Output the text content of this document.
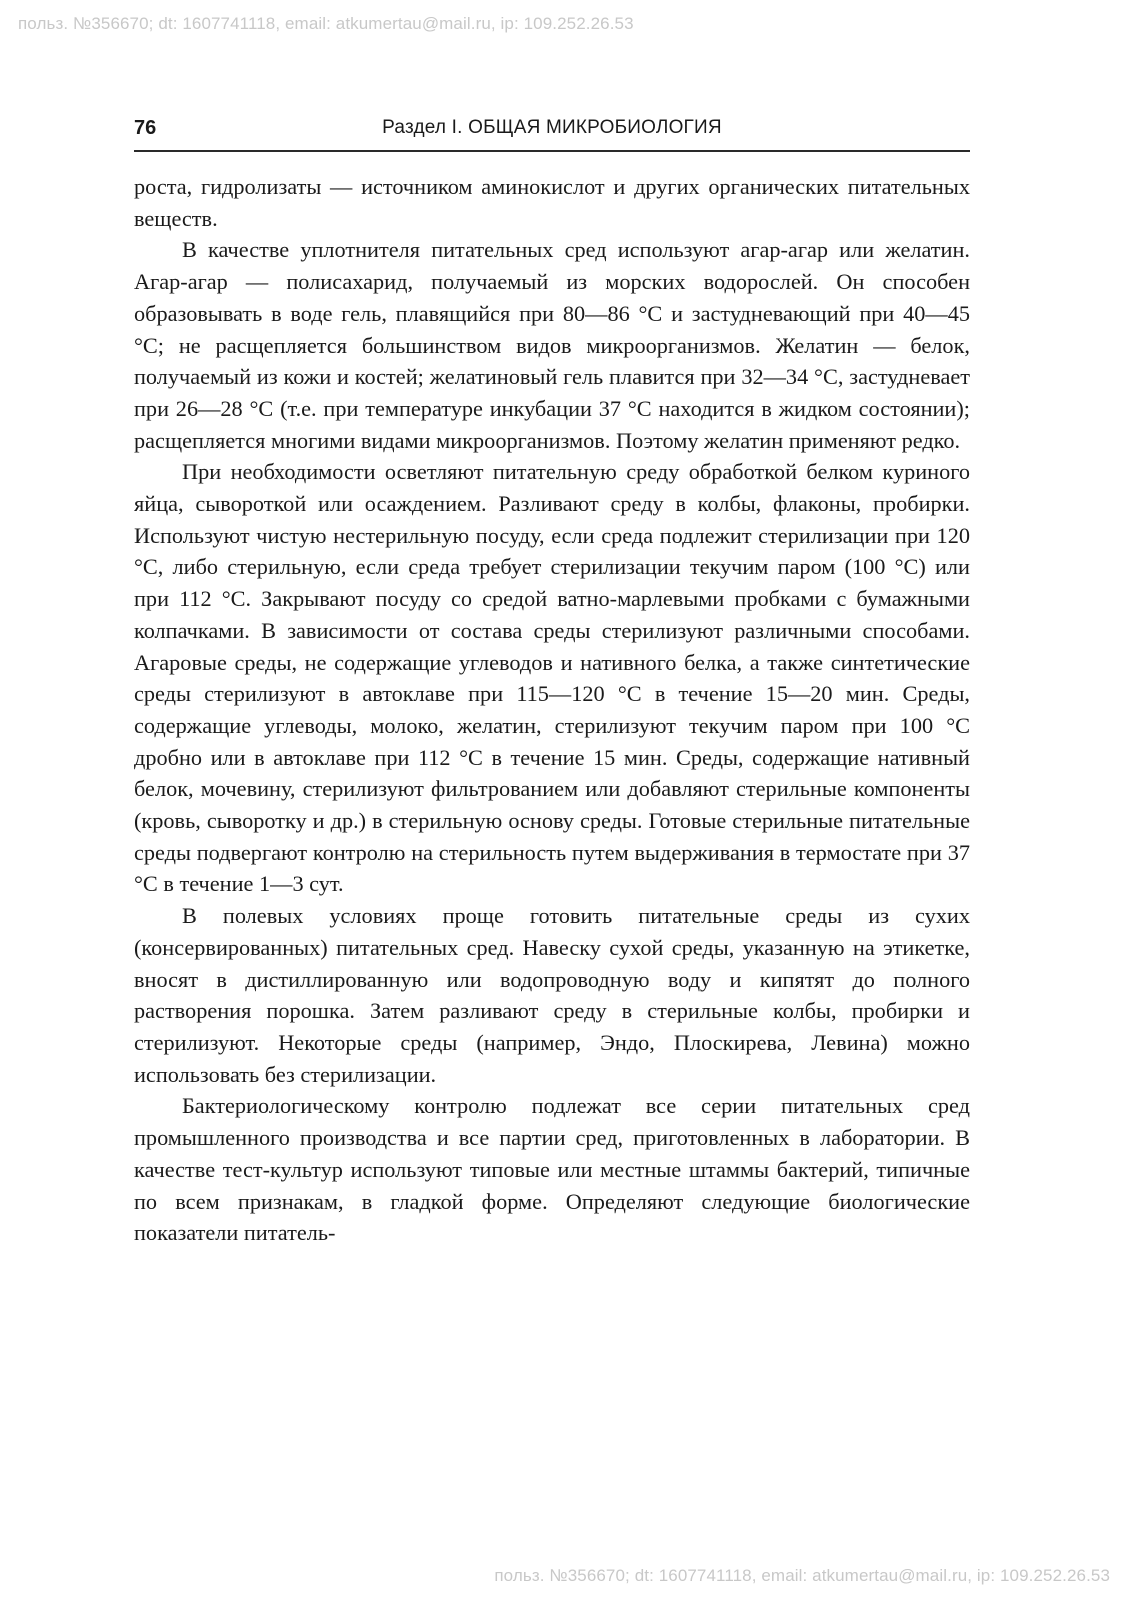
польз. №356670; dt: 1607741118, email: atkumertau@mail.ru, ip: 109.252.26.53
Раздел I. ОБЩАЯ МИКРОБИОЛОГИЯ
76

роста, гидролизаты — источником аминокислот и других органических питательных веществ.

В качестве уплотнителя питательных сред используют агар-агар или желатин. Агар-агар — полисахарид, получаемый из морских водорослей. Он способен образовывать в воде гель, плавящийся при 80—86 °С и застудневающий при 40—45 °С; не расщепляется большинством видов микроорганизмов. Желатин — белок, получаемый из кожи и костей; желатиновый гель плавится при 32—34 °С, застудневает при 26—28 °С (т.е. при температуре инкубации 37 °С находится в жидком состоянии); расщепляется многими видами микроорганизмов. Поэтому желатин применяют редко.

При необходимости осветляют питательную среду обработкой белком куриного яйца, сывороткой или осаждением. Разливают среду в колбы, флаконы, пробирки. Используют чистую нестерильную посуду, если среда подлежит стерилизации при 120 °С, либо стерильную, если среда требует стерилизации текучим паром (100 °С) или при 112 °С. Закрывают посуду со средой ватно-марлевыми пробками с бумажными колпачками. В зависимости от состава среды стерилизуют различными способами. Агаровые среды, не содержащие углеводов и нативного белка, а также синтетические среды стерилизуют в автоклаве при 115—120 °С в течение 15—20 мин. Среды, содержащие углеводы, молоко, желатин, стерилизуют текучим паром при 100 °С дробно или в автоклаве при 112 °С в течение 15 мин. Среды, содержащие нативный белок, мочевину, стерилизуют фильтрованием или добавляют стерильные компоненты (кровь, сыворотку и др.) в стерильную основу среды. Готовые стерильные питательные среды подвергают контролю на стерильность путем выдерживания в термостате при 37 °С в течение 1—3 сут.

В полевых условиях проще готовить питательные среды из сухих (консервированных) питательных сред. Навеску сухой среды, указанную на этикетке, вносят в дистиллированную или водопроводную воду и кипятят до полного растворения порошка. Затем разливают среду в стерильные колбы, пробирки и стерилизуют. Некоторые среды (например, Эндо, Плоскирева, Левина) можно использовать без стерилизации.

Бактериологическому контролю подлежат все серии питательных сред промышленного производства и все партии сред, приготовленных в лаборатории. В качестве тест-культур используют типовые или местные штаммы бактерий, типичные по всем признакам, в гладкой форме. Определяют следующие биологические показатели питатель-

польз. №356670; dt: 1607741118, email: atkumertau@mail.ru, ip: 109.252.26.53
